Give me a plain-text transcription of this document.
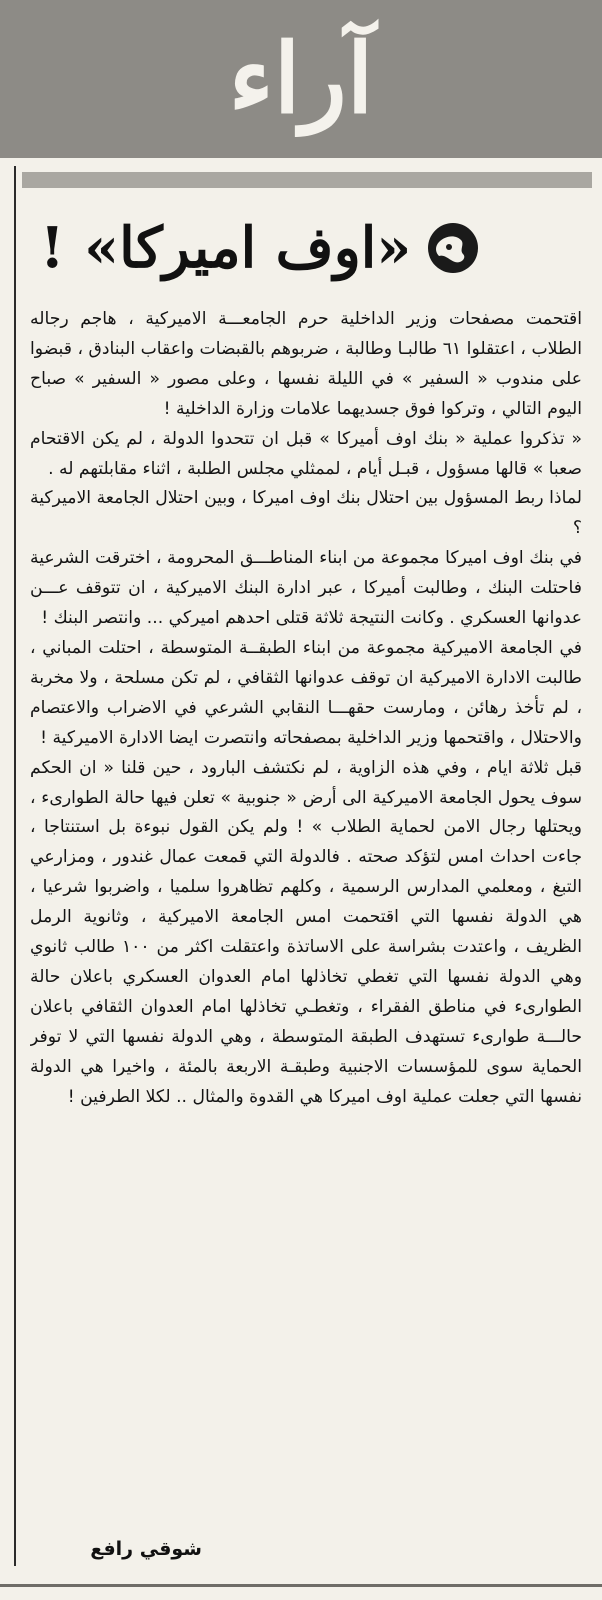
آراء
«اوف اميركا» !

اقتحمت مصفحات وزير الداخلية حرم الجامعـــة الاميركية ، هاجم رجاله الطلاب ، اعتقلوا ٦١ طالبـا وطالبة ، ضربوهم بالقبضات واعقاب البنادق ، قبضوا على مندوب « السفير » في الليلة نفسها ، وعلى مصور « السفير » صباح اليوم التالي ، وتركوا فوق جسديهما علامات وزارة الداخلية !

« تذكروا عملية « بنك اوف أميركا » قبل ان تتحدوا الدولة ، لم يكن الاقتحام صعبا » قالها مسؤول ، قبـل أيام ، لممثلي مجلس الطلبة ، اثناء مقابلتهم له .

لماذا ربط المسؤول بين احتلال بنك اوف اميركا ، وبين احتلال الجامعة الاميركية ؟

في بنك اوف اميركا مجموعة من ابناء المناطـــق المحرومة ، اخترقت الشرعية فاحتلت البنك ، وطالبت أميركا ، عبر ادارة البنك الاميركية ، ان تتوقف عـــن عدوانها العسكري . وكانت النتيجة ثلاثة قتلى احدهم اميركي ... وانتصر البنك !

في الجامعة الاميركية مجموعة من ابناء الطبقــة المتوسطة ، احتلت المباني ، طالبت الادارة الاميركية ان توقف عدوانها الثقافي ، لم تكن مسلحة ، ولا مخربة ، لم تأخذ رهائن ، ومارست حقهـــا النقابي الشرعي في الاضراب والاعتصام والاحتلال ، واقتحمها وزير الداخلية بمصفحاته وانتصرت ايضا الادارة الاميركية !

قبل ثلاثة ايام ، وفي هذه الزاوية ، لم نكتشف البارود ، حين قلنا « ان الحكم سوف يحول الجامعة الاميركية الى أرض « جنوبية » تعلن فيها حالة الطوارىء ، ويحتلها رجال الامن لحماية الطلاب » ! ولم يكن القول نبوءة بل استنتاجا ، جاءت احداث امس لتؤكد صحته . فالدولة التي قمعت عمال غندور ، ومزارعي التبغ ، ومعلمي المدارس الرسمية ، وكلهم تظاهروا سلميا ، واضربوا شرعيا ، هي الدولة نفسها التي اقتحمت امس الجامعة الاميركية ، وثانوية الرمل الظريف ، واعتدت بشراسة على الاساتذة واعتقلت اكثر من ١٠٠ طالب ثانوي وهي الدولة نفسها التي تغطي تخاذلها امام العدوان العسكري باعلان حالة الطوارىء في مناطق الفقراء ، وتغطـي تخاذلها امام العدوان الثقافي باعلان حالـــة طوارىء تستهدف الطبقة المتوسطة ، وهي الدولة نفسها التي لا توفر الحماية سوى للمؤسسات الاجنبية وطبقـة الاربعة بالمئة ، واخيرا هي الدولة نفسها التي جعلت عملية اوف اميركا هي القدوة والمثال .. لكلا الطرفين !

شوقي رافع
